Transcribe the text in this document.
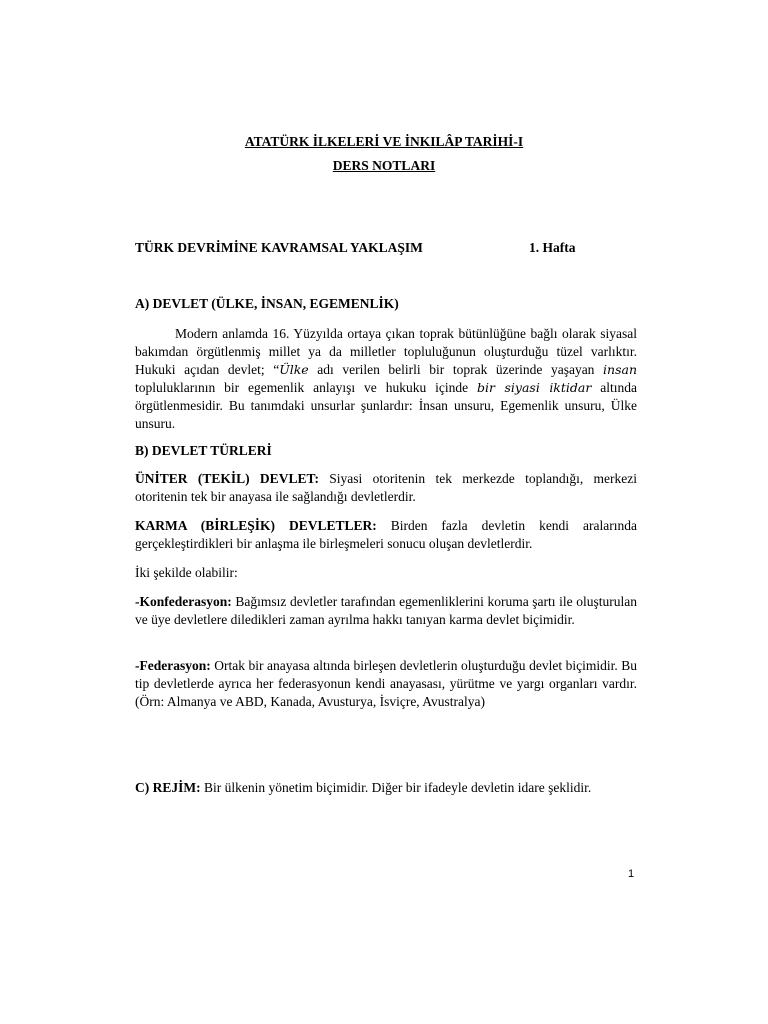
ATATÜRK İLKELERİ VE İNKILÂP TARİHİ-I
DERS NOTLARI
TÜRK DEVRİMİNE KAVRAMSAL YAKLAŞIM	1. Hafta
A) DEVLET (ÜLKE, İNSAN, EGEMENLİK)
Modern anlamda 16. Yüzyılda ortaya çıkan toprak bütünlüğüne bağlı olarak siyasal bakımdan örgütlenmiş millet ya da milletler topluluğunun oluşturduğu tüzel varlıktır. Hukuki açıdan devlet; “Ülke adı verilen belirli bir toprak üzerinde yaşayan insan topluluklarının bir egemenlik anlayışı ve hukuku içinde bir siyasi iktidar altında örgütlenmesidir. Bu tanımdaki unsurlar şunlardır: İnsan unsuru, Egemenlik unsuru, Ülke unsuru.
B) DEVLET TÜRLERİ
ÜNİTER (TEKİL) DEVLET: Siyasi otoritenin tek merkezde toplandığı, merkezi otoritenin tek bir anayasa ile sağlandığı devletlerdir.
KARMA (BİRLEŞİK) DEVLETLER: Birden fazla devletin kendi aralarında gerçekleştirdikleri bir anlaşma ile birleşmeleri sonucu oluşan devletlerdir.
İki şekilde olabilir:
-Konfederasyon: Bağımsız devletler tarafından egemenliklerini koruma şartı ile oluşturulan ve üye devletlere diledikleri zaman ayrılma hakkı tanıyan karma devlet biçimidir.
-Federasyon: Ortak bir anayasa altında birleşen devletlerin oluşturduğu devlet biçimidir. Bu tip devletlerde ayrıca her federasyonun kendi anayasası, yürütme ve yargı organları vardır. (Örn: Almanya ve ABD, Kanada, Avusturya, İsviçre, Avustralya)
C) REJİM: Bir ülkenin yönetim biçimidir. Diğer bir ifadeyle devletin idare şeklidir.
1
